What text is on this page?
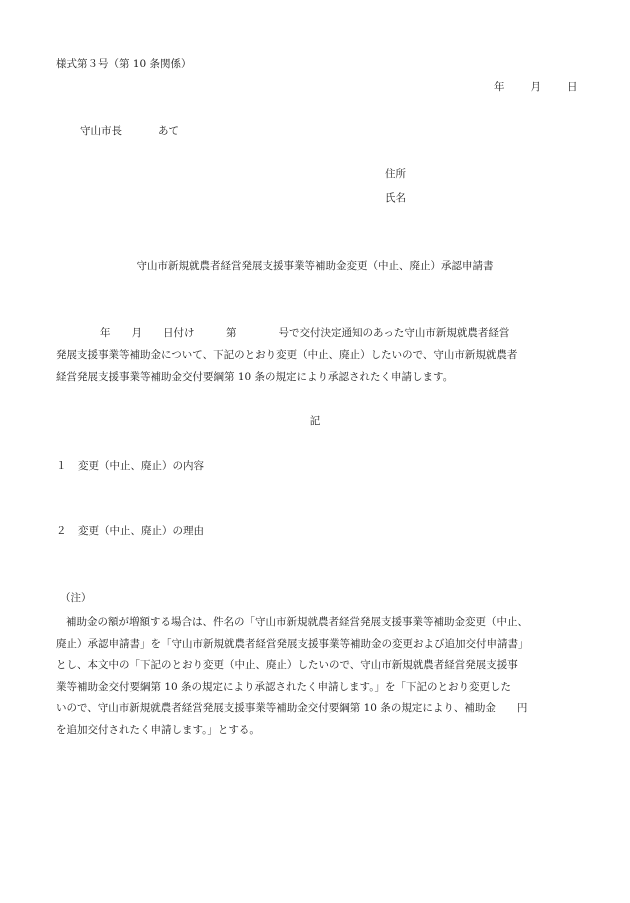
様式第３号（第 10 条関係）
年 月 日
守山市長	あて
住所
氏名
守山市新規就農者経営発展支援事業等補助金変更（中止、廃止）承認申請書

年　　月　　日付け　　　第　　　　号で交付決定通知のあった守山市新規就農者経営

発展支援事業等補助金について、下記のとおり変更（中止、廃止）したいので、守山市新規就農者

経営発展支援事業等補助金交付要綱第 10 条の規定により承認されたく申請します。

記
１ 変更（中止、廃止）の内容
２ 変更（中止、廃止）の理由
（注）

補助金の額が増額する場合は、件名の「守山市新規就農者経営発展支援事業等補助金変更（中止、

廃止）承認申請書」を「守山市新規就農者経営発展支援事業等補助金の変更および追加交付申請書」

とし、本文中の「下記のとおり変更（中止、廃止）したいので、守山市新規就農者経営発展支援事

業等補助金交付要綱第 10 条の規定により承認されたく申請します。」を「下記のとおり変更した

いので、守山市新規就農者経営発展支援事業等補助金交付要綱第 10 条の規定により、補助金　　円

を追加交付されたく申請します。」とする。
